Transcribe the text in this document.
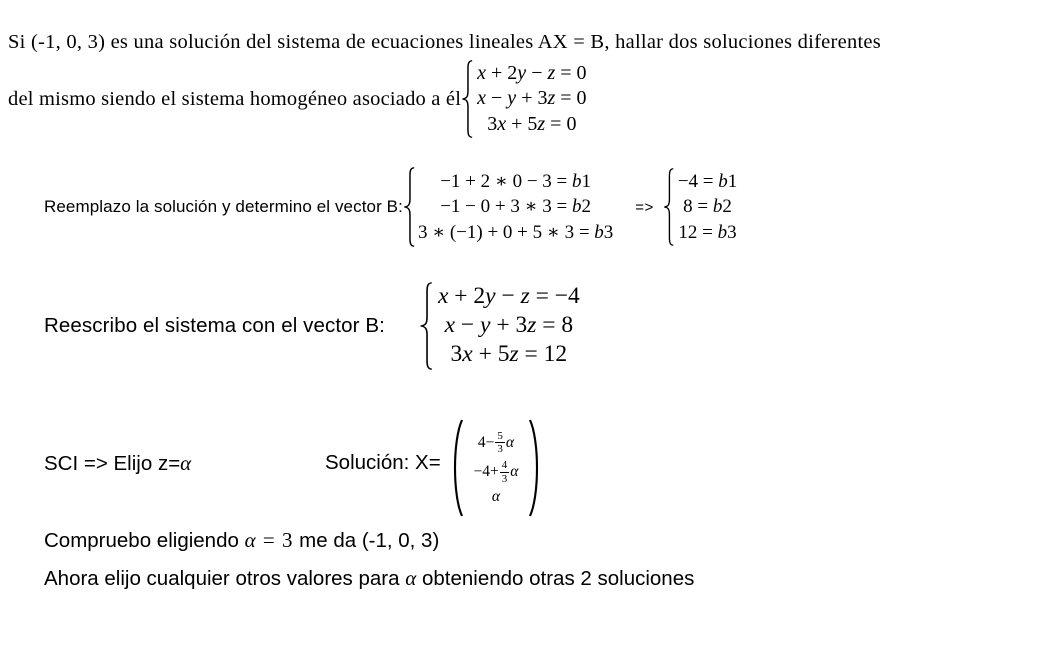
Si (-1, 0, 3) es una solución del sistema de ecuaciones lineales AX = B, hallar dos soluciones diferentes
del mismo siendo el sistema homogéneo asociado a él
x + 2y − z = 0
x − y + 3z = 0
3x + 5z = 0
Reemplazo la solución y determino el vector B:
−1 + 2 ∗ 0 − 3 = b1
−1 − 0 + 3 ∗ 3 = b2
3 ∗ (−1) + 0 + 5 ∗ 3 = b3
=>
−4 = b1
8 = b2
12 = b3
Reescribo el sistema con el vector B:
x + 2y − z = −4
x − y + 3z = 8
3x + 5z = 12
SCI => Elijo z=α	Solución: X=
$4- \frac{5}{3}$ α
$-4+ \frac{4}{3}$ α
α
Compruebo eligiendo α = 3 me da (-1, 0, 3)
Ahora elijo cualquier otros valores para α obteniendo otras 2 soluciones
